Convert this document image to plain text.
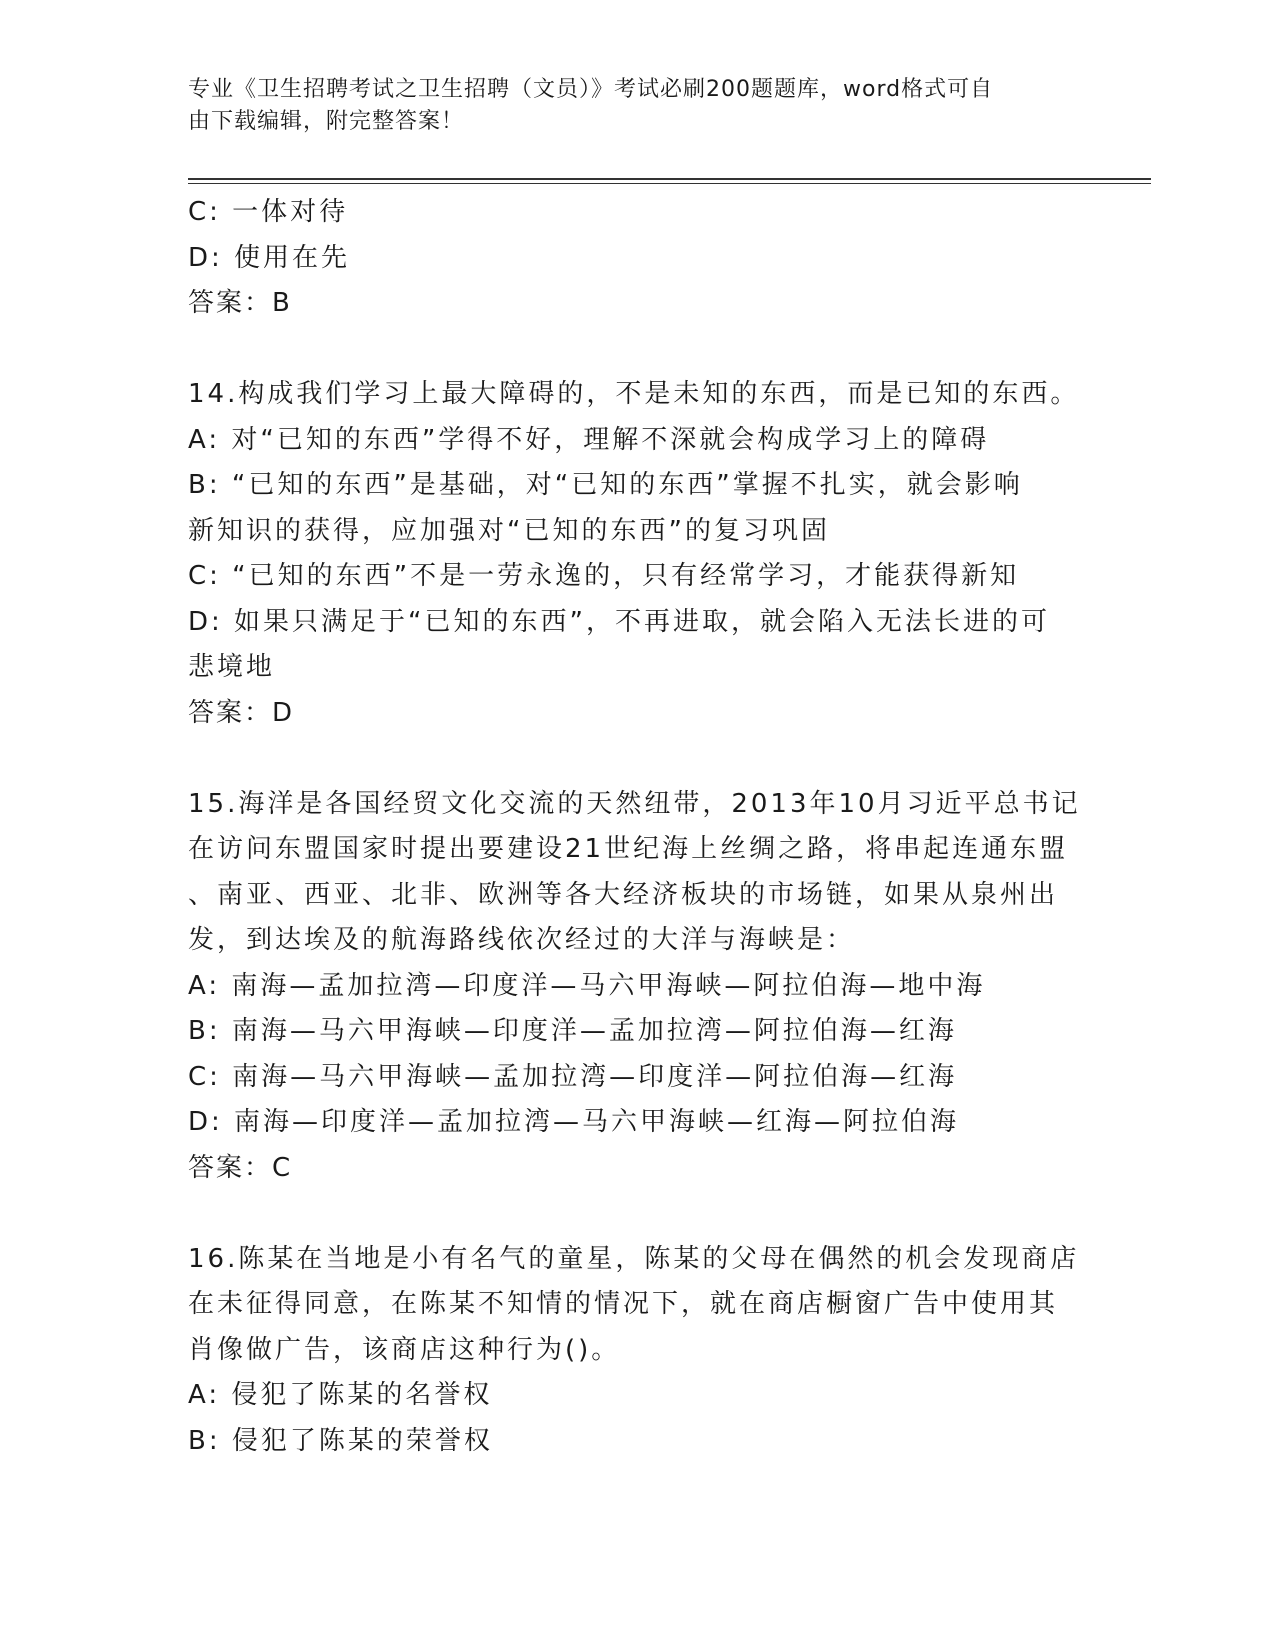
专业《卫生招聘考试之卫生招聘（文员）》考试必刷200题题库，word格式可自
由下载编辑，附完整答案！
C: 一体对待
D: 使用在先
答案：B
14.构成我们学习上最大障碍的，不是未知的东西，而是已知的东西。
A: 对“已知的东西”学得不好，理解不深就会构成学习上的障碍
B: “已知的东西”是基础，对“已知的东西”掌握不扎实，就会影响
新知识的获得，应加强对“已知的东西”的复习巩固
C: “已知的东西”不是一劳永逸的，只有经常学习，才能获得新知
D: 如果只满足于“已知的东西”，不再进取，就会陷入无法长进的可
悲境地
答案：D
15.海洋是各国经贸文化交流的天然纽带，2013年10月习近平总书记
在访问东盟国家时提出要建设21世纪海上丝绸之路，将串起连通东盟
、南亚、西亚、北非、欧洲等各大经济板块的市场链，如果从泉州出
发，到达埃及的航海路线依次经过的大洋与海峡是：
A: 南海—孟加拉湾—印度洋—马六甲海峡—阿拉伯海—地中海
B: 南海—马六甲海峡—印度洋—孟加拉湾—阿拉伯海—红海
C: 南海—马六甲海峡—孟加拉湾—印度洋—阿拉伯海—红海
D: 南海—印度洋—孟加拉湾—马六甲海峡—红海—阿拉伯海
答案：C
16.陈某在当地是小有名气的童星，陈某的父母在偶然的机会发现商店
在未征得同意，在陈某不知情的情况下，就在商店橱窗广告中使用其
肖像做广告，该商店这种行为()。
A: 侵犯了陈某的名誉权
B: 侵犯了陈某的荣誉权
